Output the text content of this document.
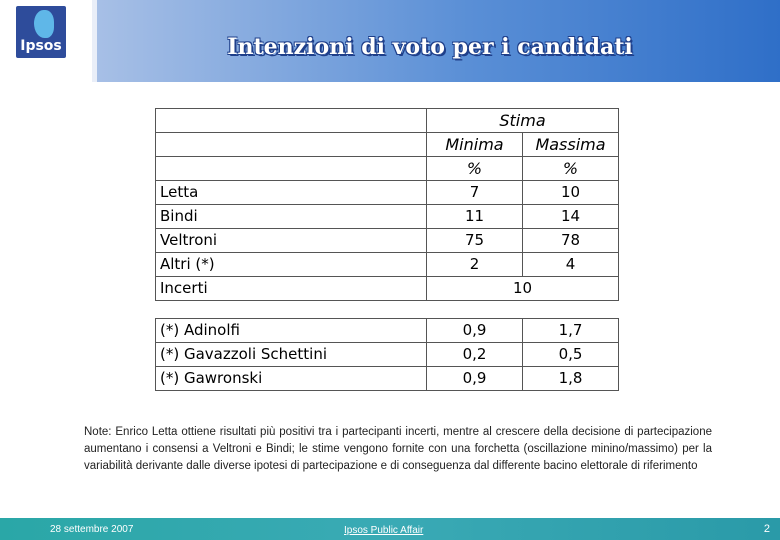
Ipsos	Intenzioni di voto per i candidati
	Stima	
	Minima	Massima
	%	%
Letta	7	10
Bindi	11	14
Veltroni	75	78
Altri (*)	2	4
Incerti	10	
(*) Adinolfi	0,9	1,7
(*) Gavazzoli Schettini	0,2	0,5
(*) Gawronski	0,9	1,8
Note: Enrico Letta ottiene risultati più positivi tra i partecipanti incerti, mentre al crescere della decisione di partecipazione aumentano i consensi a Veltroni e Bindi; le stime vengono fornite con una forchetta (oscillazione minino/massimo) per la variabilità derivante dalle diverse ipotesi di partecipazione e di conseguenza dal differente bacino elettorale di riferimento
28 settembre 2007	Ipsos Public Affair	2
